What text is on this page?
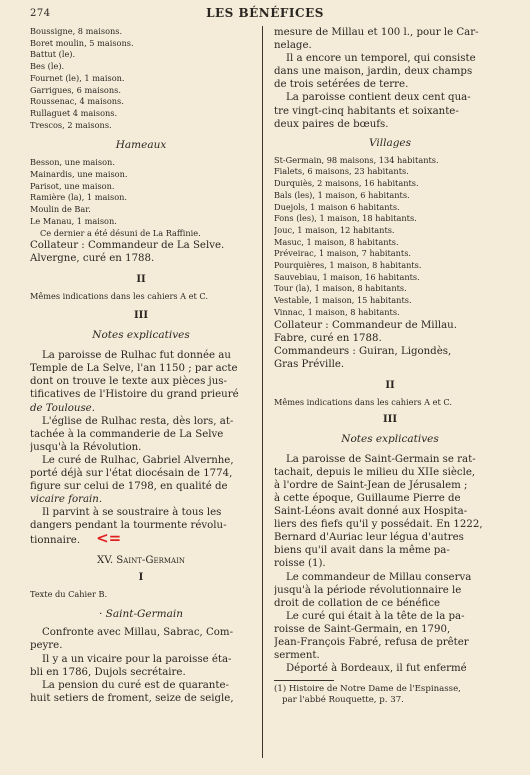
274	LES BÉNÉFICES
Boussigne, 8 maisons.
Boret moulin, 5 maisons.
Battut (le).
Bes (le).
Fournet (le), 1 maison.
Garrigues, 6 maisons.
Roussenac, 4 maisons.
Rullaguet 4 maisons.
Trescos, 2 maisons.
Hameaux
Besson, une maison.
Mainardis, une maison.
Parisot, une maison.
Ramière (la), 1 maison.
Moulin de Bar.
Le Manau, 1 maison.
Ce dernier a été désuni de La Raffinie.
Collateur : Commandeur de La Selve.
Alvergne, curé en 1788.
II
Mêmes indications dans les cahiers A et C.
III
Notes explicatives
La paroisse de Rulhac fut donnée au
Temple de La Selve, l'an 1150 ; par acte
dont on trouve le texte aux pièces jus-
tificatives de l'Histoire du grand prieuré
de Toulouse.
L'église de Rulhac resta, dès lors, at-
tachée à la commanderie de La Selve
jusqu'à la Révolution.
Le curé de Rulhac, Gabriel Alvernhe,
porté déjà sur l'état diocésain de 1774,
figure sur celui de 1798, en qualité de
vicaire forain.
Il parvint à se soustraire à tous les
dangers pendant la tourmente révolu-
tionnaire. <=
XV. Saint-Germain
I
Texte du Cahier B.
· Saint-Germain
Confronte avec Millau, Sabrac, Com-
peyre.
Il y a un vicaire pour la paroisse éta-
bli en 1786, Dujols secrétaire.
La pension du curé est de quarante-
huit setiers de froment, seize de seigle,
mesure de Millau et 100 l., pour le Car-
nelage.
Il a encore un temporel, qui consiste
dans une maison, jardin, deux champs
de trois setérées de terre.
La paroisse contient deux cent qua-
tre vingt-cinq habitants et soixante-
deux paires de bœufs.
Villages
St-Germain, 98 maisons, 134 habitants.
Fialets, 6 maisons, 23 habitants.
Durquiès, 2 maisons, 16 habitants.
Bals (les), 1 maison, 6 habitants.
Duejols, 1 maison 6 habitants.
Fons (les), 1 maison, 18 habitants.
Jouc, 1 maison, 12 habitants.
Masuc, 1 maison, 8 habitants.
Préveirac, 1 maison, 7 habitants.
Pourquières, 1 maison, 8 habitants.
Sauvebiau, 1 maison, 16 habitants.
Tour (la), 1 maison, 8 habitants.
Vestable, 1 maison, 15 habitants.
Vinnac, 1 maison, 8 habitants.
Collateur : Commandeur de Millau.
Fabre, curé en 1788.
Commandeurs : Guiran, Ligondès,
Gras Préville.
II
Mêmes indications dans les cahiers A et C.
III
Notes explicatives
La paroisse de Saint-Germain se rat-
tachait, depuis le milieu du XIIe siècle,
à l'ordre de Saint-Jean de Jérusalem ;
à cette époque, Guillaume Pierre de
Saint-Léons avait donné aux Hospita-
liers des fiefs qu'il y possédait. En 1222,
Bernard d'Auriac leur légua d'autres
biens qu'il avait dans la même pa-
roisse (1).
Le commandeur de Millau conserva
jusqu'à la période révolutionnaire le
droit de collation de ce bénéfice
Le curé qui était à la tête de la pa-
roisse de Saint-Germain, en 1790,
Jean-François Fabré, refusa de prêter
serment.
Déporté à Bordeaux, il fut enfermé
(1) Histoire de Notre Dame de l'Espinasse,
par l'abbé Rouquette, p. 37.
